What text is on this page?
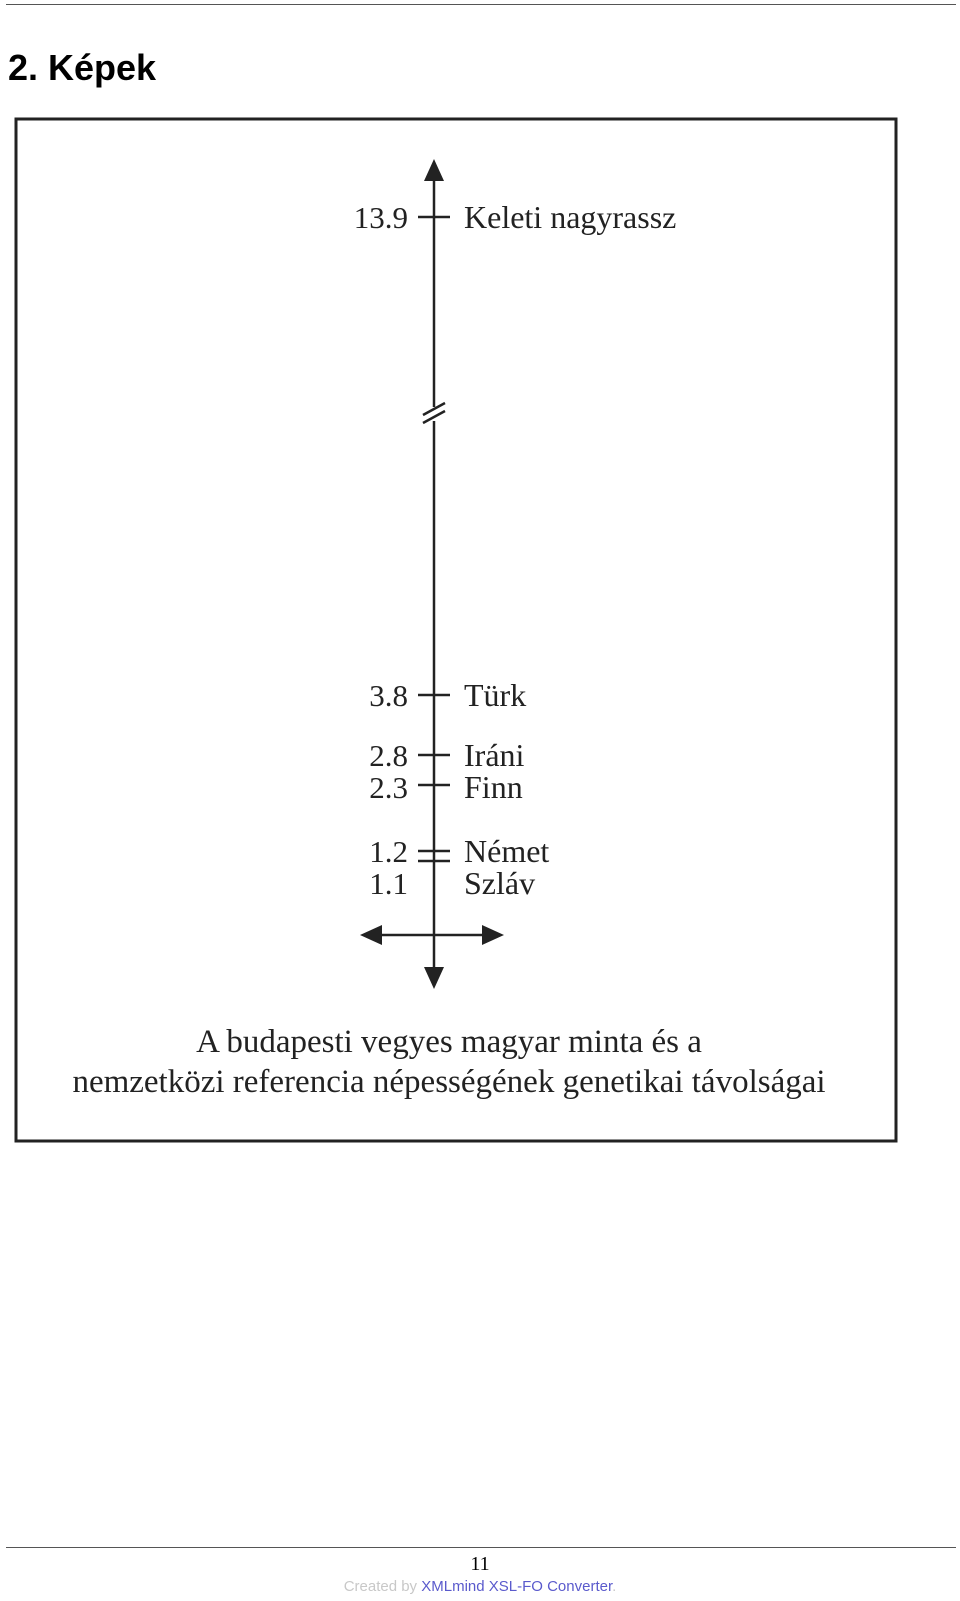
2. Képek
13.9 Keleti nagyrassz
3.8 Türk
2.8 Iráni
2.3 Finn
1.2 Német
1.1 Szláv
A budapesti vegyes magyar minta és a
nemzetközi referencia népességének genetikai távolságai
11
Created by XMLmind XSL-FO Converter.
